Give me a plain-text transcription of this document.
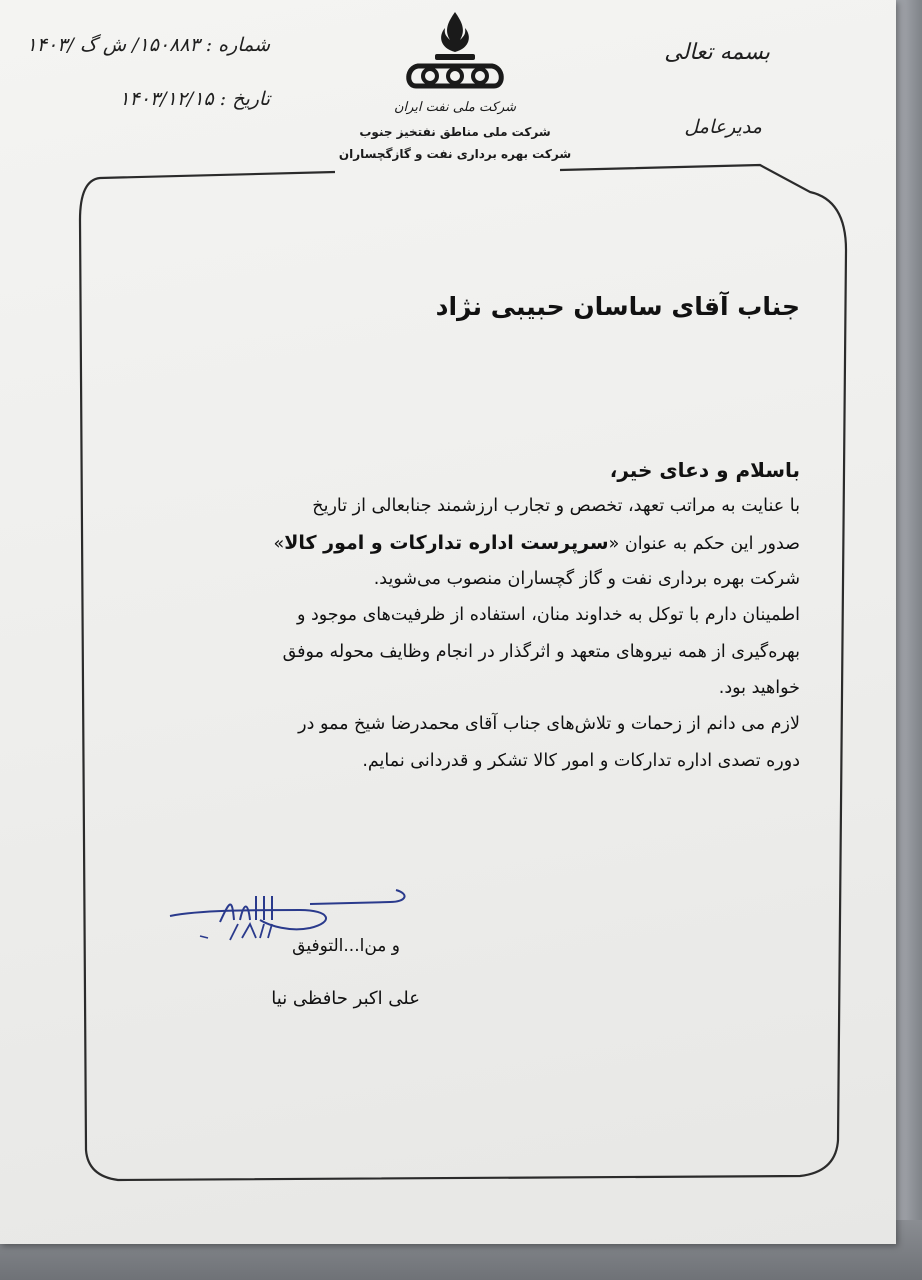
شماره :
۱۵۰۸۸۳/ ش گ /۱۴۰۳
تاریخ :
۱۴۰۳/۱۲/۱۵	شرکت ملی نفت ایران
شرکت ملی مناطق نفتخیز جنوب
شرکت بهره برداری نفت و گازگچساران
بسمه تعالی
مدیرعامل

جناب آقای ساسان حبیبی نژاد

باسلام و دعای خیر،

با عنایت به مراتب تعهد، تخصص و تجارب ارزشمند جنابعالی از تاریخ

صدور این حکم به عنوان «سرپرست اداره تدارکات و امور کالا»

شرکت بهره برداری نفت و گاز گچساران منصوب می‌شوید.

اطمینان دارم با توکل به خداوند منان، استفاده از ظرفیت‌های موجود و

بهره‌گیری از همه نیروهای متعهد و اثرگذار در انجام وظایف محوله موفق

خواهید بود.

لازم می دانم از زحمات و تلاش‌های جناب آقای محمدرضا شیخ ممو در

دوره تصدی اداره تدارکات و امور کالا تشکر و قدردانی نمایم.

و من‌ا...التوفیق
علی اکبر حافظی نیا
